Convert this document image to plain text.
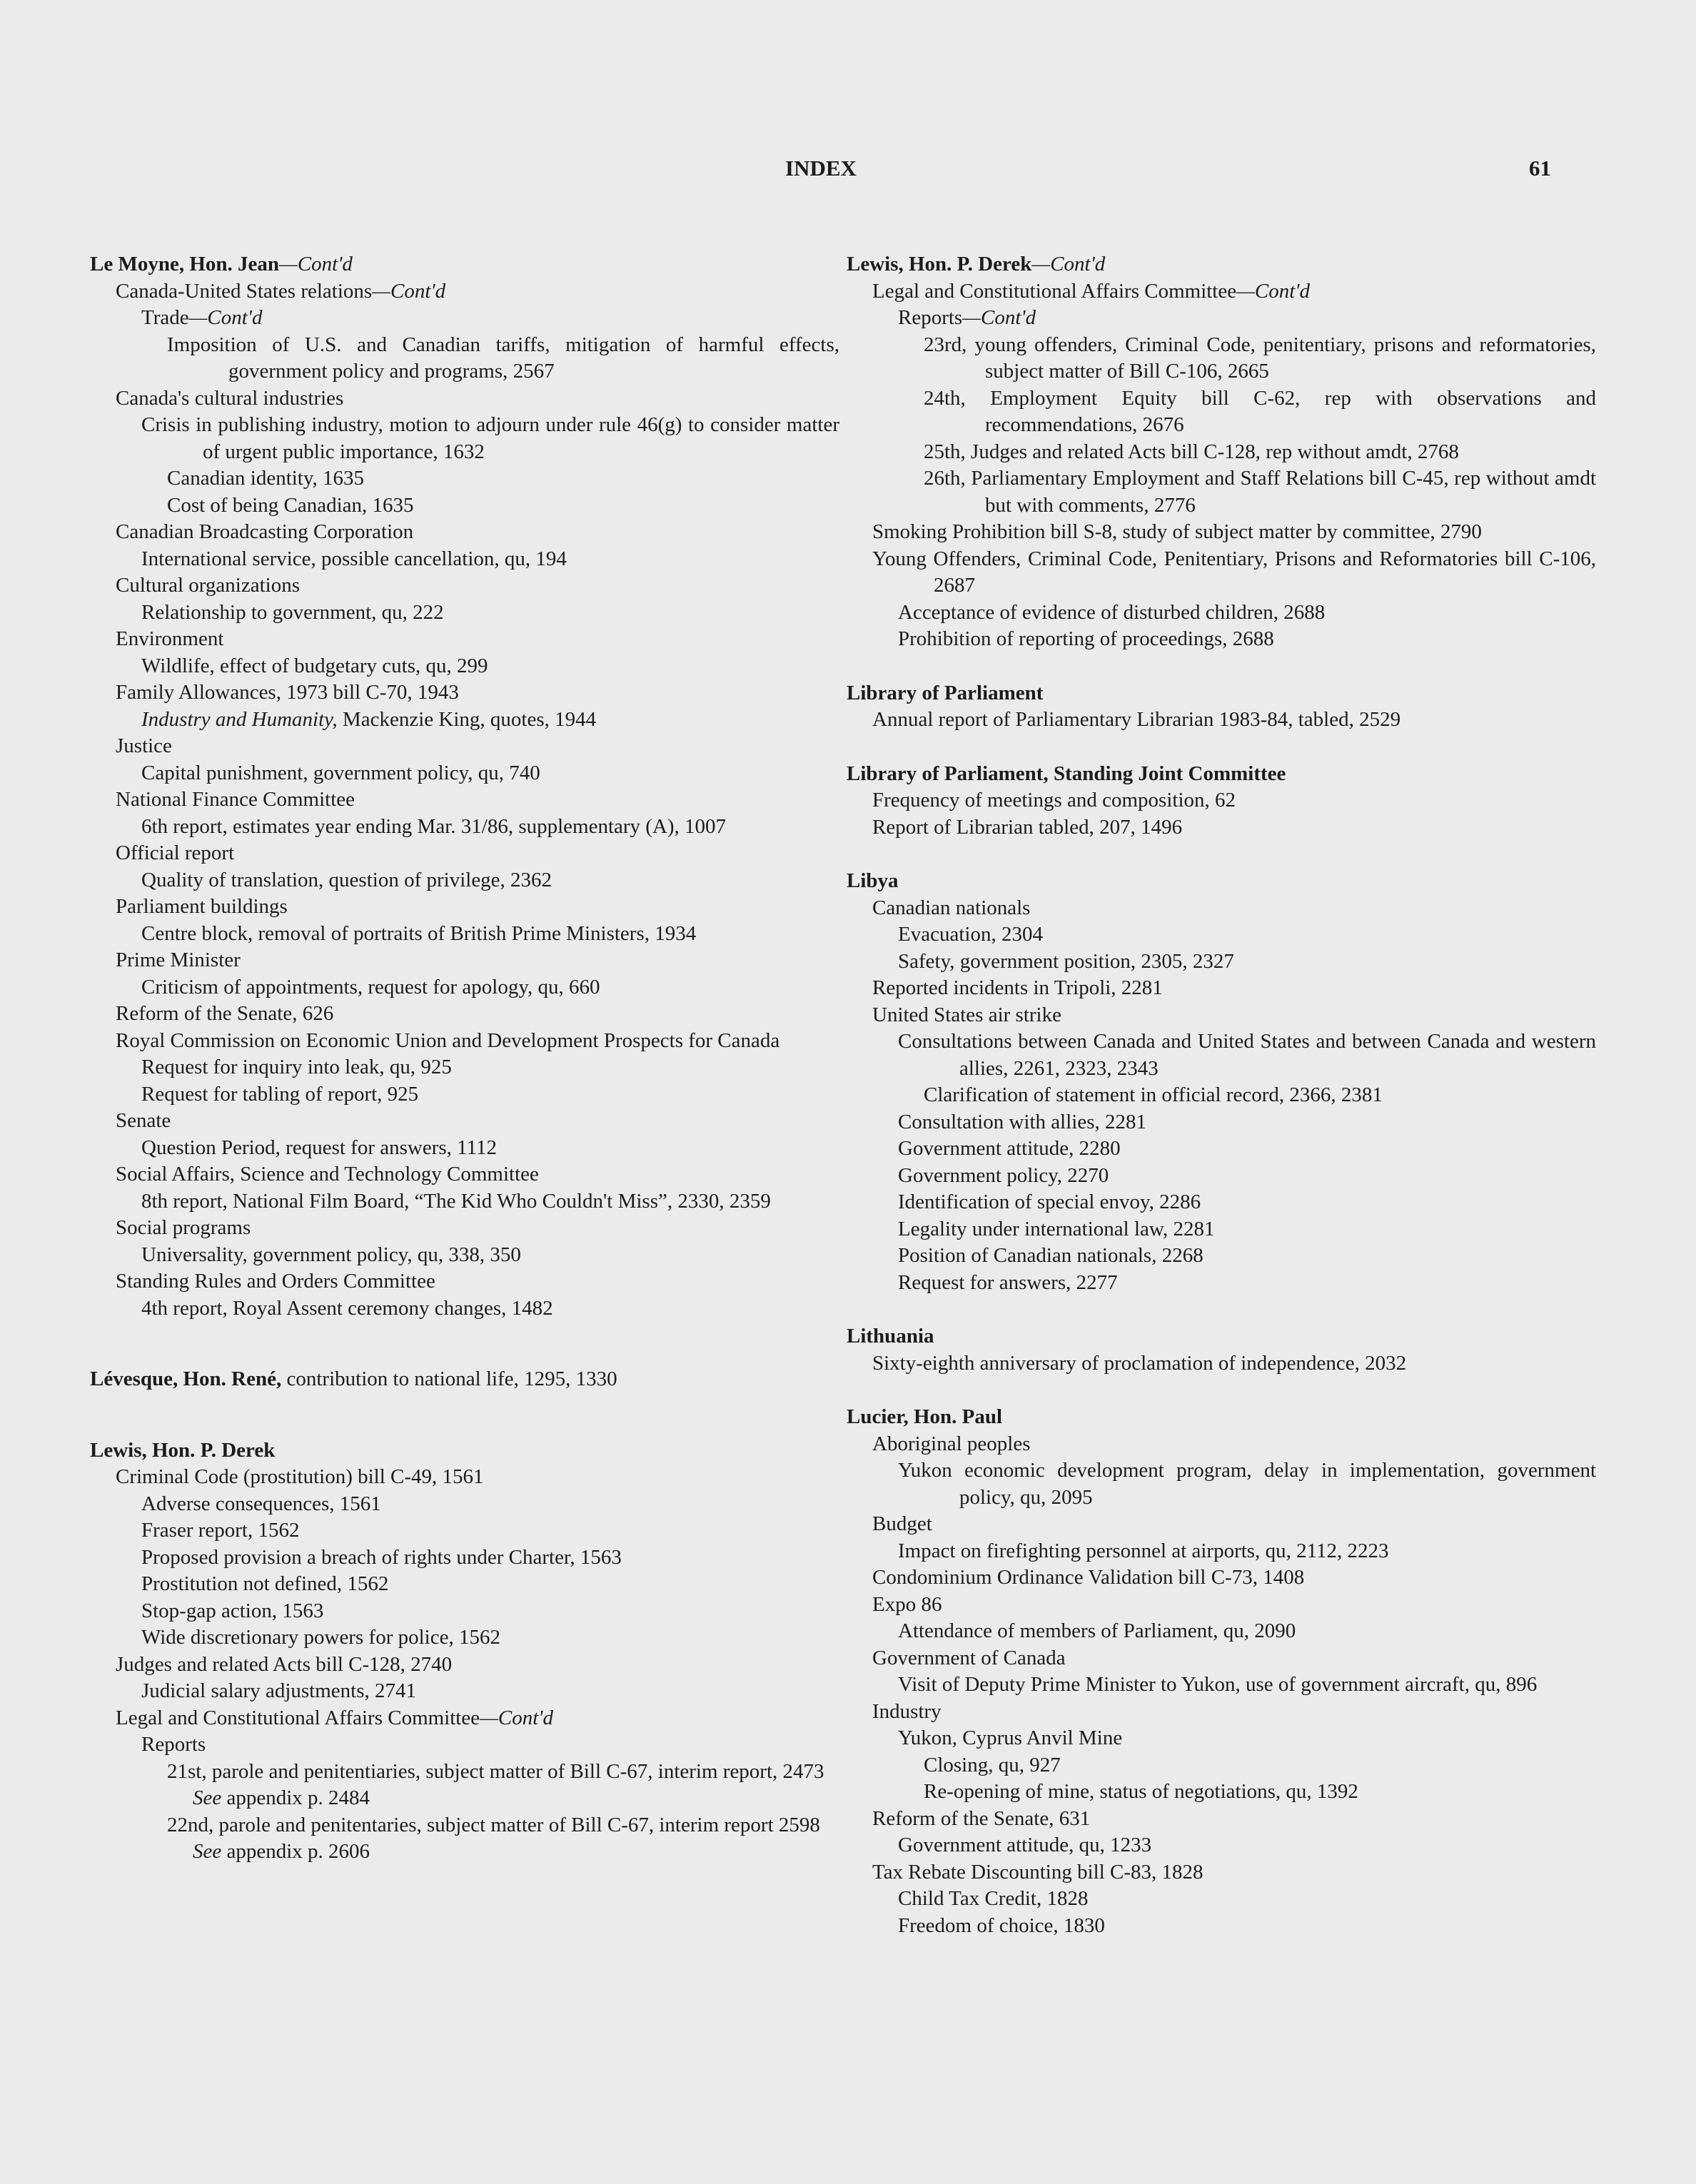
INDEX	61
Le Moyne, Hon. Jean—Cont'd
Canada-United States relations—Cont'd
Trade—Cont'd
Imposition of U.S. and Canadian tariffs, mitigation of harmful effects, government policy and programs, 2567
Canada's cultural industries
Crisis in publishing industry, motion to adjourn under rule 46(g) to consider matter of urgent public importance, 1632
Canadian identity, 1635
Cost of being Canadian, 1635
Canadian Broadcasting Corporation
International service, possible cancellation, qu, 194
Cultural organizations
Relationship to government, qu, 222
Environment
Wildlife, effect of budgetary cuts, qu, 299
Family Allowances, 1973 bill C-70, 1943
Industry and Humanity, Mackenzie King, quotes, 1944
Justice
Capital punishment, government policy, qu, 740
National Finance Committee
6th report, estimates year ending Mar. 31/86, supplementary (A), 1007
Official report
Quality of translation, question of privilege, 2362
Parliament buildings
Centre block, removal of portraits of British Prime Ministers, 1934
Prime Minister
Criticism of appointments, request for apology, qu, 660
Reform of the Senate, 626
Royal Commission on Economic Union and Development Prospects for Canada
Request for inquiry into leak, qu, 925
Request for tabling of report, 925
Senate
Question Period, request for answers, 1112
Social Affairs, Science and Technology Committee
8th report, National Film Board, “The Kid Who Couldn't Miss”, 2330, 2359
Social programs
Universality, government policy, qu, 338, 350
Standing Rules and Orders Committee
4th report, Royal Assent ceremony changes, 1482
Lévesque, Hon. René, contribution to national life, 1295, 1330
Lewis, Hon. P. Derek
Criminal Code (prostitution) bill C-49, 1561
Adverse consequences, 1561
Fraser report, 1562
Proposed provision a breach of rights under Charter, 1563
Prostitution not defined, 1562
Stop-gap action, 1563
Wide discretionary powers for police, 1562
Judges and related Acts bill C-128, 2740
Judicial salary adjustments, 2741
Legal and Constitutional Affairs Committee—Cont'd
Reports
21st, parole and penitentiaries, subject matter of Bill C-67, interim report, 2473
See appendix p. 2484
22nd, parole and penitentaries, subject matter of Bill C-67, interim report 2598
See appendix p. 2606
Lewis, Hon. P. Derek—Cont'd
Legal and Constitutional Affairs Committee—Cont'd
Reports—Cont'd
23rd, young offenders, Criminal Code, penitentiary, prisons and reformatories, subject matter of Bill C-106, 2665
24th, Employment Equity bill C-62, rep with observations and recommendations, 2676
25th, Judges and related Acts bill C-128, rep without amdt, 2768
26th, Parliamentary Employment and Staff Relations bill C-45, rep without amdt but with comments, 2776
Smoking Prohibition bill S-8, study of subject matter by committee, 2790
Young Offenders, Criminal Code, Penitentiary, Prisons and Reformatories bill C-106, 2687
Acceptance of evidence of disturbed children, 2688
Prohibition of reporting of proceedings, 2688
Library of Parliament
Annual report of Parliamentary Librarian 1983-84, tabled, 2529
Library of Parliament, Standing Joint Committee
Frequency of meetings and composition, 62
Report of Librarian tabled, 207, 1496
Libya
Canadian nationals
Evacuation, 2304
Safety, government position, 2305, 2327
Reported incidents in Tripoli, 2281
United States air strike
Consultations between Canada and United States and between Canada and western allies, 2261, 2323, 2343
Clarification of statement in official record, 2366, 2381
Consultation with allies, 2281
Government attitude, 2280
Government policy, 2270
Identification of special envoy, 2286
Legality under international law, 2281
Position of Canadian nationals, 2268
Request for answers, 2277
Lithuania
Sixty-eighth anniversary of proclamation of independence, 2032
Lucier, Hon. Paul
Aboriginal peoples
Yukon economic development program, delay in implementation, government policy, qu, 2095
Budget
Impact on firefighting personnel at airports, qu, 2112, 2223
Condominium Ordinance Validation bill C-73, 1408
Expo 86
Attendance of members of Parliament, qu, 2090
Government of Canada
Visit of Deputy Prime Minister to Yukon, use of government aircraft, qu, 896
Industry
Yukon, Cyprus Anvil Mine
Closing, qu, 927
Re-opening of mine, status of negotiations, qu, 1392
Reform of the Senate, 631
Government attitude, qu, 1233
Tax Rebate Discounting bill C-83, 1828
Child Tax Credit, 1828
Freedom of choice, 1830
